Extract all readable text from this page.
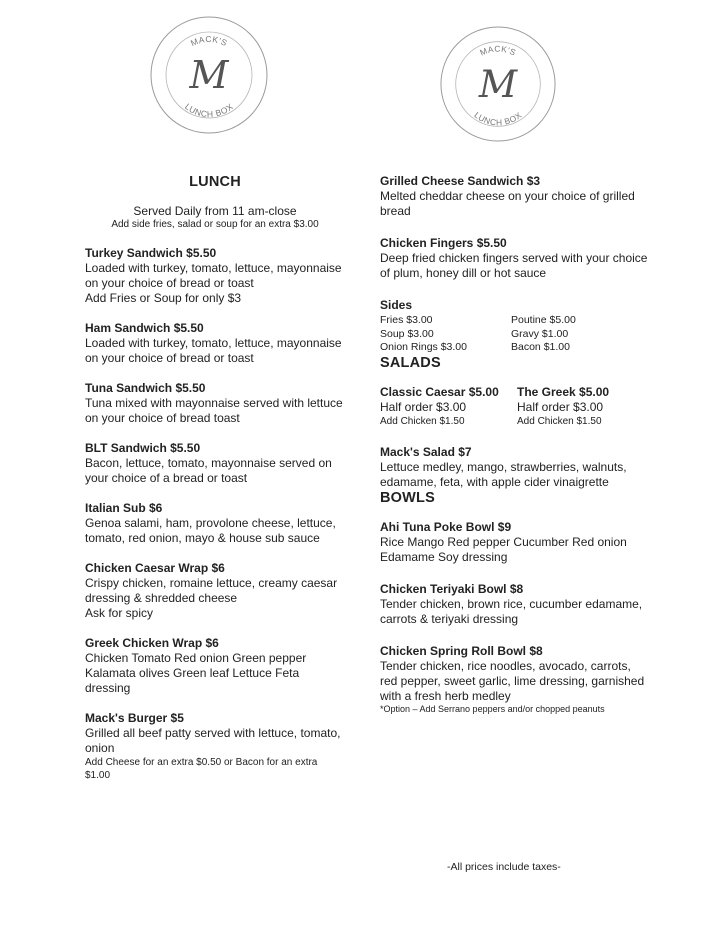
MACK'S
LUNCH BOX
M
MACK'S
LUNCH BOX
M
LUNCH
Served Daily from 11 am-close
Add side fries, salad or soup for an extra $3.00
Turkey Sandwich $5.50
Loaded with turkey, tomato, lettuce, mayonnaise on your choice of bread or toast
Add Fries or Soup for only $3
Ham Sandwich $5.50
Loaded with turkey, tomato, lettuce, mayonnaise on your choice of bread or toast
Tuna Sandwich $5.50
Tuna mixed with mayonnaise served with lettuce on your choice of bread toast
BLT Sandwich $5.50
Bacon, lettuce, tomato, mayonnaise served on your choice of a bread or toast
Italian Sub $6
Genoa salami, ham, provolone cheese, lettuce, tomato, red onion, mayo & house sub sauce
Chicken Caesar Wrap $6
Crispy chicken, romaine lettuce, creamy caesar dressing & shredded cheese
Ask for spicy
Greek Chicken Wrap $6
Chicken Tomato Red onion Green pepper Kalamata olives Green leaf Lettuce Feta dressing
Mack's Burger $5
Grilled all beef patty served with lettuce, tomato, onion
Add Cheese for an extra $0.50 or Bacon for an extra $1.00
Grilled Cheese Sandwich $3
Melted cheddar cheese on your choice of grilled bread
Chicken Fingers $5.50
Deep fried chicken fingers served with your choice of plum, honey dill or hot sauce
Sides
Fries $3.00	Poutine $5.00
Soup $3.00	Gravy $1.00
Onion Rings $3.00	Bacon $1.00
SALADS
Classic Caesar $5.00
Half order $3.00
Add Chicken $1.50
The Greek $5.00
Half order $3.00
Add Chicken $1.50
Mack's Salad $7
Lettuce medley, mango, strawberries, walnuts, edamame, feta, with apple cider vinaigrette
BOWLS
Ahi Tuna Poke Bowl $9
Rice Mango Red pepper Cucumber Red onion Edamame Soy dressing
Chicken Teriyaki Bowl $8
Tender chicken, brown rice, cucumber edamame, carrots & teriyaki dressing
Chicken Spring Roll Bowl $8
Tender chicken, rice noodles, avocado, carrots, red pepper, sweet garlic, lime dressing, garnished with a fresh herb medley
*Option – Add Serrano peppers and/or chopped peanuts
-All prices include taxes-
